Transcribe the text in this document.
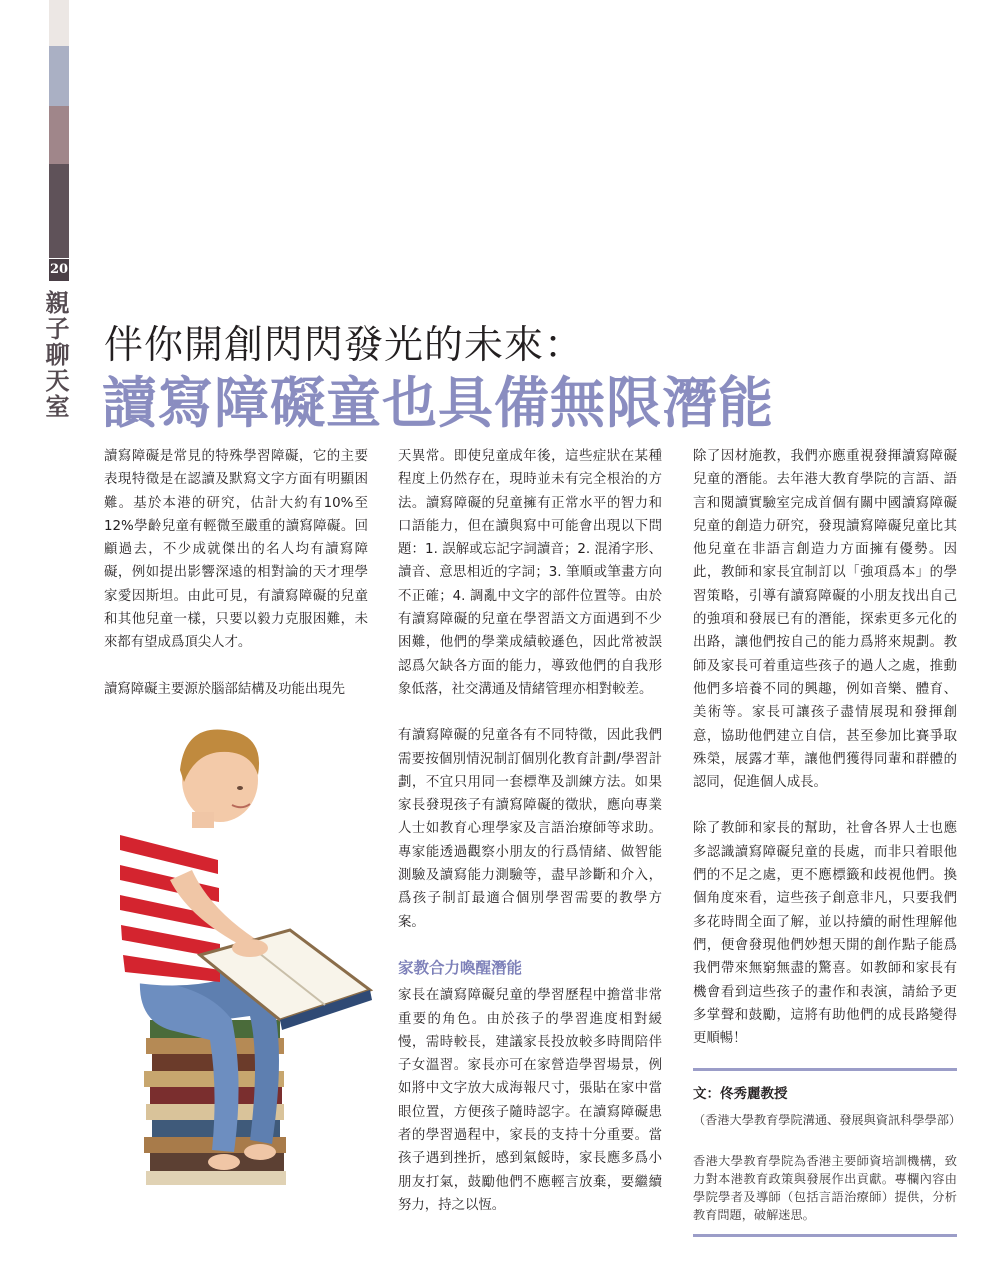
20
親子聊天室 伴你開創閃閃發光的未來：
讀寫障礙童也具備無限潛能

讀寫障礙是常見的特殊學習障礙，它的主要表現特徵是在認讀及默寫文字方面有明顯困難。基於本港的研究，估計大約有10%至12%學齡兒童有輕微至嚴重的讀寫障礙。回顧過去，不少成就傑出的名人均有讀寫障礙，例如提出影響深遠的相對論的天才理學家愛因斯坦。由此可見，有讀寫障礙的兒童和其他兒童一樣，只要以毅力克服困難，未來都有望成爲頂尖人才。

讀寫障礙主要源於腦部結構及功能出現先

天異常。即使兒童成年後，這些症狀在某種程度上仍然存在，現時並未有完全根治的方法。讀寫障礙的兒童擁有正常水平的智力和口語能力，但在讀與寫中可能會出現以下問題：1. 誤解或忘記字詞讀音；2. 混淆字形、讀音、意思相近的字詞；3. 筆順或筆畫方向不正確；4. 調亂中文字的部件位置等。由於有讀寫障礙的兒童在學習語文方面遇到不少困難，他們的學業成績較遜色，因此常被誤認爲欠缺各方面的能力，導致他們的自我形象低落，社交溝通及情緒管理亦相對較差。

有讀寫障礙的兒童各有不同特徵，因此我們需要按個別情況制訂個別化教育計劃/學習計劃，不宜只用同一套標準及訓練方法。如果家長發現孩子有讀寫障礙的徵狀，應向專業人士如教育心理學家及言語治療師等求助。專家能透過觀察小朋友的行爲情緒、做智能測驗及讀寫能力測驗等，盡早診斷和介入，爲孩子制訂最適合個別學習需要的教學方案。

家教合力喚醒潛能

家長在讀寫障礙兒童的學習歷程中擔當非常重要的角色。由於孩子的學習進度相對緩慢，需時較長，建議家長投放較多時間陪伴子女溫習。家長亦可在家營造學習場景，例如將中文字放大成海報尺寸，張貼在家中當眼位置，方便孩子隨時認字。在讀寫障礙患者的學習過程中，家長的支持十分重要。當孩子遇到挫折，感到氣餒時，家長應多爲小朋友打氣，鼓勵他們不應輕言放棄，要繼續努力，持之以恆。

除了因材施教，我們亦應重視發揮讀寫障礙兒童的潛能。去年港大教育學院的言語、語言和閱讀實驗室完成首個有關中國讀寫障礙兒童的創造力研究，發現讀寫障礙兒童比其他兒童在非語言創造力方面擁有優勢。因此，教師和家長宜制訂以「強項爲本」的學習策略，引導有讀寫障礙的小朋友找出自己的強項和發展已有的潛能，探索更多元化的出路，讓他們按自己的能力爲將來規劃。教師及家長可着重這些孩子的過人之處，推動他們多培養不同的興趣，例如音樂、體育、美術等。家長可讓孩子盡情展現和發揮創意，協助他們建立自信，甚至參加比賽爭取殊榮，展露才華，讓他們獲得同輩和群體的認同，促進個人成長。

除了教師和家長的幫助，社會各界人士也應多認識讀寫障礙兒童的長處，而非只着眼他們的不足之處，更不應標籤和歧視他們。換個角度來看，這些孩子創意非凡，只要我們多花時間全面了解，並以持續的耐性理解他們，便會發現他們妙想天開的創作點子能爲我們帶來無窮無盡的驚喜。如教師和家長有機會看到這些孩子的畫作和表演，請給予更多掌聲和鼓勵，這將有助他們的成長路變得更順暢！

文：佟秀麗教授

（香港大學教育學院溝通、發展與資訊科學學部）

香港大學教育學院為香港主要師資培訓機構，致力對本港教育政策與發展作出貢獻。專欄內容由學院學者及導師（包括言語治療師）提供，分析教育問題，破解迷思。
